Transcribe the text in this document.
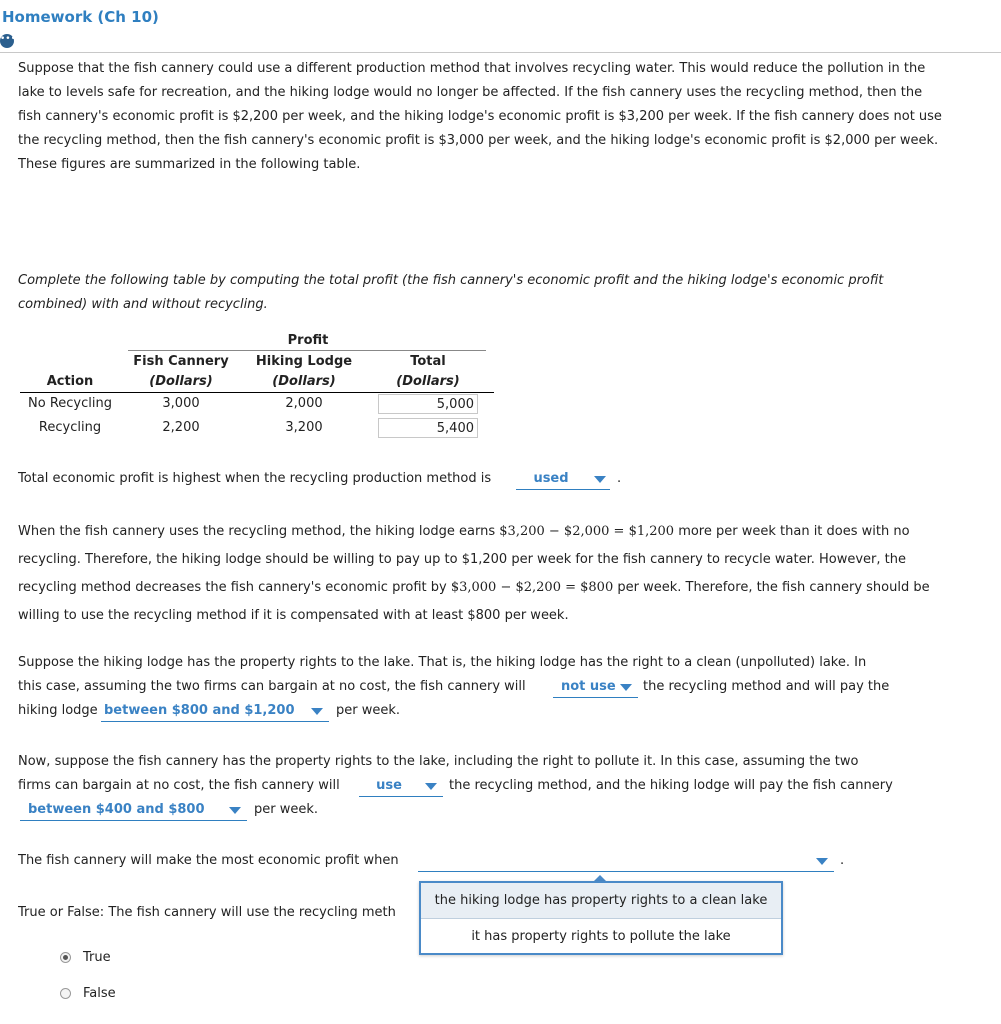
Homework (Ch 10)
•••

Suppose that the fish cannery could use a different production method that involves recycling water. This would reduce the pollution in the lake to levels safe for recreation, and the hiking lodge would no longer be affected. If the fish cannery uses the recycling method, then the fish cannery's economic profit is $2,200 per week, and the hiking lodge's economic profit is $3,200 per week. If the fish cannery does not use the recycling method, then the fish cannery's economic profit is $3,000 per week, and the hiking lodge's economic profit is $2,000 per week. These figures are summarized in the following table.

Complete the following table by computing the total profit (the fish cannery's economic profit and the hiking lodge's economic profit combined) with and without recycling.

Profit
Fish Cannery	Hiking Lodge	Total
Action	(Dollars)	(Dollars)	(Dollars)
No Recycling	3,000	2,000	5,000
Recycling	2,200	3,200	5,400
Total economic profit is highest when the recycling production method is	used	.
When the fish cannery uses the recycling method, the hiking lodge earns $3,200 − $2,000 = $1,200 more per week than it does with no recycling. Therefore, the hiking lodge should be willing to pay up to $1,200 per week for the fish cannery to recycle water. However, the recycling method decreases the fish cannery's economic profit by $3,000 − $2,200 = $800 per week. Therefore, the fish cannery should be willing to use the recycling method if it is compensated with at least $800 per week.
Suppose the hiking lodge has the property rights to the lake. That is, the hiking lodge has the right to a clean (unpolluted) lake. In
this case, assuming the two firms can bargain at no cost, the fish cannery will	not use	the recycling method and will pay the
hiking lodge between $800 and $1,200	per week.
Now, suppose the fish cannery has the property rights to the lake, including the right to pollute it. In this case, assuming the two
firms can bargain at no cost, the fish cannery will	use	the recycling method, and the hiking lodge will pay the fish cannery
between $400 and $800	per week.
The fish cannery will make the most economic profit when	.
True or False: The fish cannery will use the recycling meth
True
False
the hiking lodge has property rights to a clean lake
it has property rights to pollute the lake
